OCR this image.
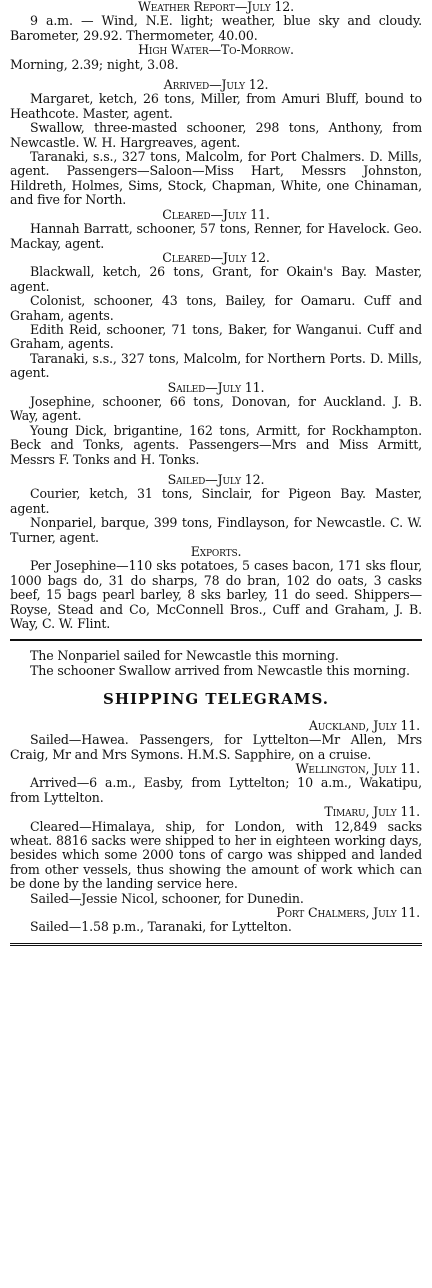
Weather Report—July 12.

9 a.m. — Wind, N.E. light; weather, blue sky and cloudy. Barometer, 29.92. Thermometer, 40.00.

High Water—To-Morrow.

Morning, 2.39; night, 3.08.

Arrived—July 12.

Margaret, ketch, 26 tons, Miller, from Amuri Bluff, bound to Heathcote. Master, agent.

Swallow, three-masted schooner, 298 tons, Anthony, from Newcastle. W. H. Hargreaves, agent.

Taranaki, s.s., 327 tons, Malcolm, for Port Chalmers. D. Mills, agent. Passengers—Saloon—Miss Hart, Messrs Johnston, Hildreth, Holmes, Sims, Stock, Chapman, White, one Chinaman, and five for North.

Cleared—July 11.

Hannah Barratt, schooner, 57 tons, Renner, for Havelock. Geo. Mackay, agent.

Cleared—July 12.

Blackwall, ketch, 26 tons, Grant, for Okain's Bay. Master, agent.

Colonist, schooner, 43 tons, Bailey, for Oamaru. Cuff and Graham, agents.

Edith Reid, schooner, 71 tons, Baker, for Wanganui. Cuff and Graham, agents.

Taranaki, s.s., 327 tons, Malcolm, for Northern Ports. D. Mills, agent.

Sailed—July 11.

Josephine, schooner, 66 tons, Donovan, for Auckland. J. B. Way, agent.

Young Dick, brigantine, 162 tons, Armitt, for Rockhampton. Beck and Tonks, agents. Passengers—Mrs and Miss Armitt, Messrs F. Tonks and H. Tonks.

Sailed—July 12.

Courier, ketch, 31 tons, Sinclair, for Pigeon Bay. Master, agent.

Nonpariel, barque, 399 tons, Findlayson, for Newcastle. C. W. Turner, agent.

Exports.

Per Josephine—110 sks potatoes, 5 cases bacon, 171 sks flour, 1000 bags do, 31 do sharps, 78 do bran, 102 do oats, 3 casks beef, 15 bags pearl barley, 8 sks barley, 11 do seed. Shippers—Royse, Stead and Co, McConnell Bros., Cuff and Graham, J. B. Way, C. W. Flint.

The Nonpariel sailed for Newcastle this morning.

The schooner Swallow arrived from Newcastle this morning.

SHIPPING TELEGRAMS.

Auckland, July 11.

Sailed—Hawea. Passengers, for Lyttelton—Mr Allen, Mrs Craig, Mr and Mrs Symons. H.M.S. Sapphire, on a cruise.

Wellington, July 11.

Arrived—6 a.m., Easby, from Lyttelton; 10 a.m., Wakatipu, from Lyttelton.

Timaru, July 11.

Cleared—Himalaya, ship, for London, with 12,849 sacks wheat. 8816 sacks were shipped to her in eighteen working days, besides which some 2000 tons of cargo was shipped and landed from other vessels, thus showing the amount of work which can be done by the landing service here.

Sailed—Jessie Nicol, schooner, for Dunedin.

Port Chalmers, July 11.

Sailed—1.58 p.m., Taranaki, for Lyttelton.
